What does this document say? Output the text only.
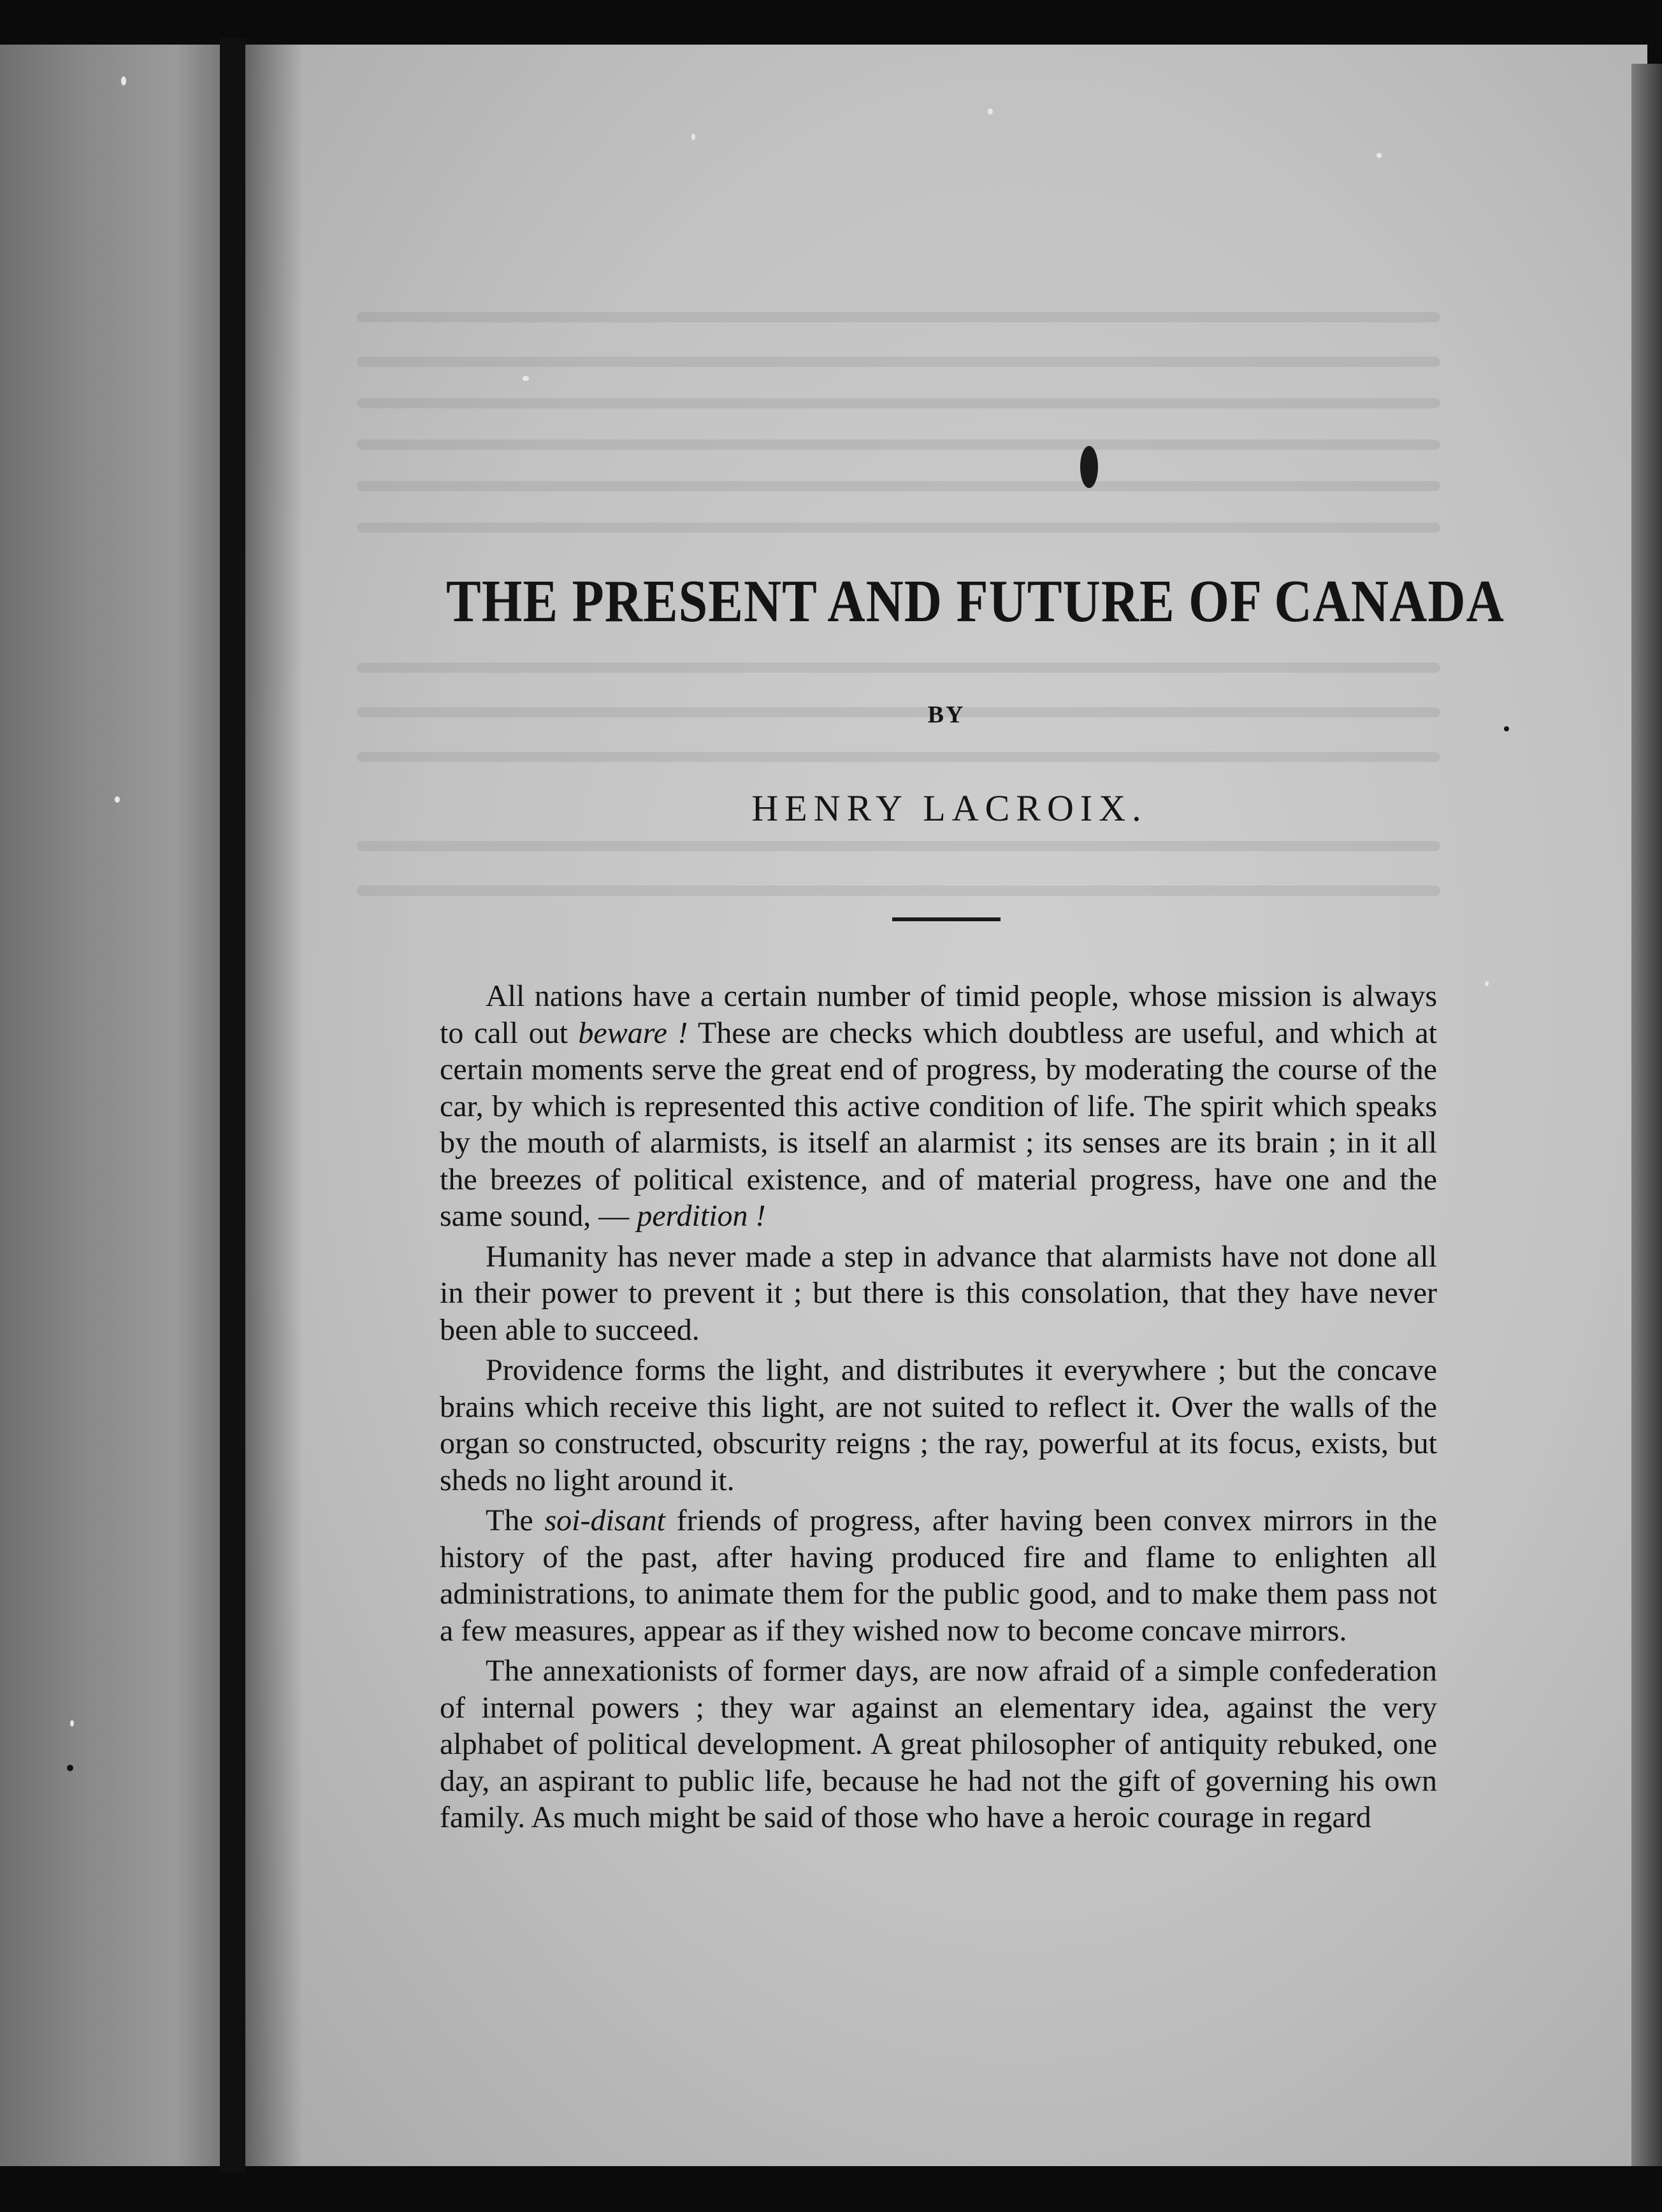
THE PRESENT AND FUTURE OF CANADA
BY
HENRY LACROIX.

All nations have a certain number of timid people, whose mission is always to call out beware ! These are checks which doubtless are useful, and which at certain moments serve the great end of progress, by moderating the course of the car, by which is represented this active condition of life. The spirit which speaks by the mouth of alarmists, is itself an alarmist ; its senses are its brain ; in it all the breezes of political existence, and of material progress, have one and the same sound, — perdition !

Humanity has never made a step in advance that alarmists have not done all in their power to prevent it ; but there is this consolation, that they have never been able to succeed.

Providence forms the light, and distributes it everywhere ; but the concave brains which receive this light, are not suited to reflect it. Over the walls of the organ so constructed, obscurity reigns ; the ray, powerful at its focus, exists, but sheds no light around it.

The soi-disant friends of progress, after having been convex mirrors in the history of the past, after having produced fire and flame to enlighten all administrations, to animate them for the public good, and to make them pass not a few measures, appear as if they wished now to become concave mirrors.

The annexationists of former days, are now afraid of a simple confederation of internal powers ; they war against an elementary idea, against the very alphabet of political development. A great philosopher of antiquity rebuked, one day, an aspirant to public life, because he had not the gift of governing his own family. As much might be said of those who have a heroic courage in regard
